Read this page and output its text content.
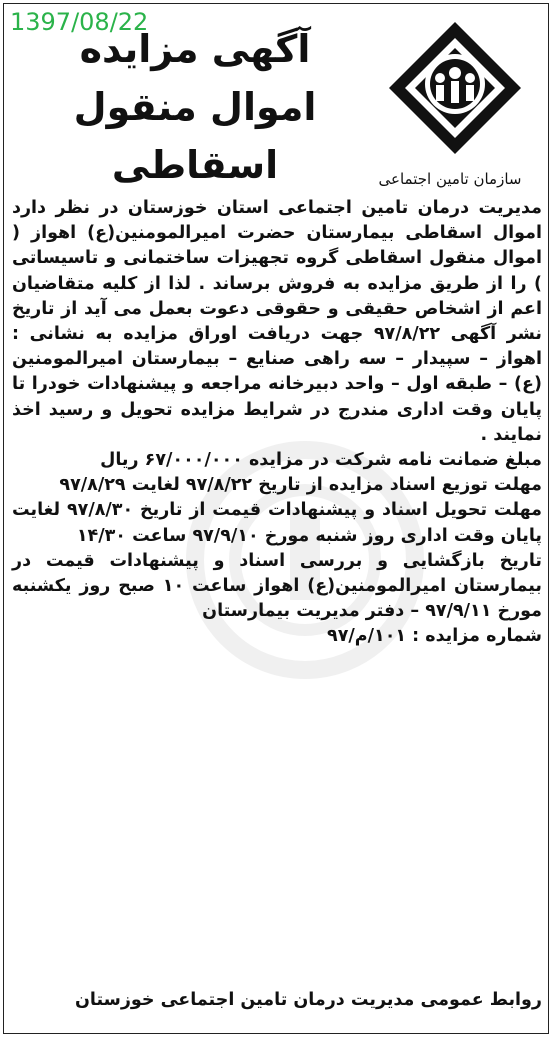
1397/08/22
آگهی مزایده
اموال منقول
اسقاطی	سازمان تامین اجتماعی

مدیریت درمان تامین اجتماعی استان خوزستان در نظر دارد اموال اسقاطی بیمارستان حضرت امیرالمومنین(ع) اهواز ( اموال منقول اسقاطی گروه تجهیزات ساختمانی و تاسیساتی ) را از طریق مزایده به فروش برساند . لذا از کلیه متقاضیان اعم از اشخاص حقیقی و حقوقی دعوت بعمل می آید از تاریخ نشر آگهی ۹۷/۸/۲۲ جهت دریافت اوراق مزایده به نشانی : اهواز – سپیدار – سه راهی صنایع – بیمارستان امیرالمومنین (ع) – طبقه اول – واحد دبیرخانه مراجعه و پیشنهادات خودرا تا پایان وقت اداری مندرج در شرایط مزایده تحویل و رسید اخذ نمایند .

مبلغ ضمانت نامه شرکت در مزایده ۶۷/۰۰۰/۰۰۰ ریال

مهلت توزیع اسناد مزایده از تاریخ ۹۷/۸/۲۲ لغایت ۹۷/۸/۲۹

مهلت تحویل اسناد و پیشنهادات قیمت از تاریخ ۹۷/۸/۳۰ لغایت پایان وقت اداری روز شنبه مورخ ۹۷/۹/۱۰ ساعت ۱۴/۳۰

تاریخ بازگشایی و بررسی اسناد و پیشنهادات قیمت در بیمارستان امیرالمومنین(ع) اهواز ساعت ۱۰ صبح روز یکشنبه مورخ ۹۷/۹/۱۱ – دفتر مدیریت بیمارستان

شماره مزایده : ۱۰۱/م/۹۷

روابط عمومی مدیریت درمان تامین اجتماعی خوزستان
